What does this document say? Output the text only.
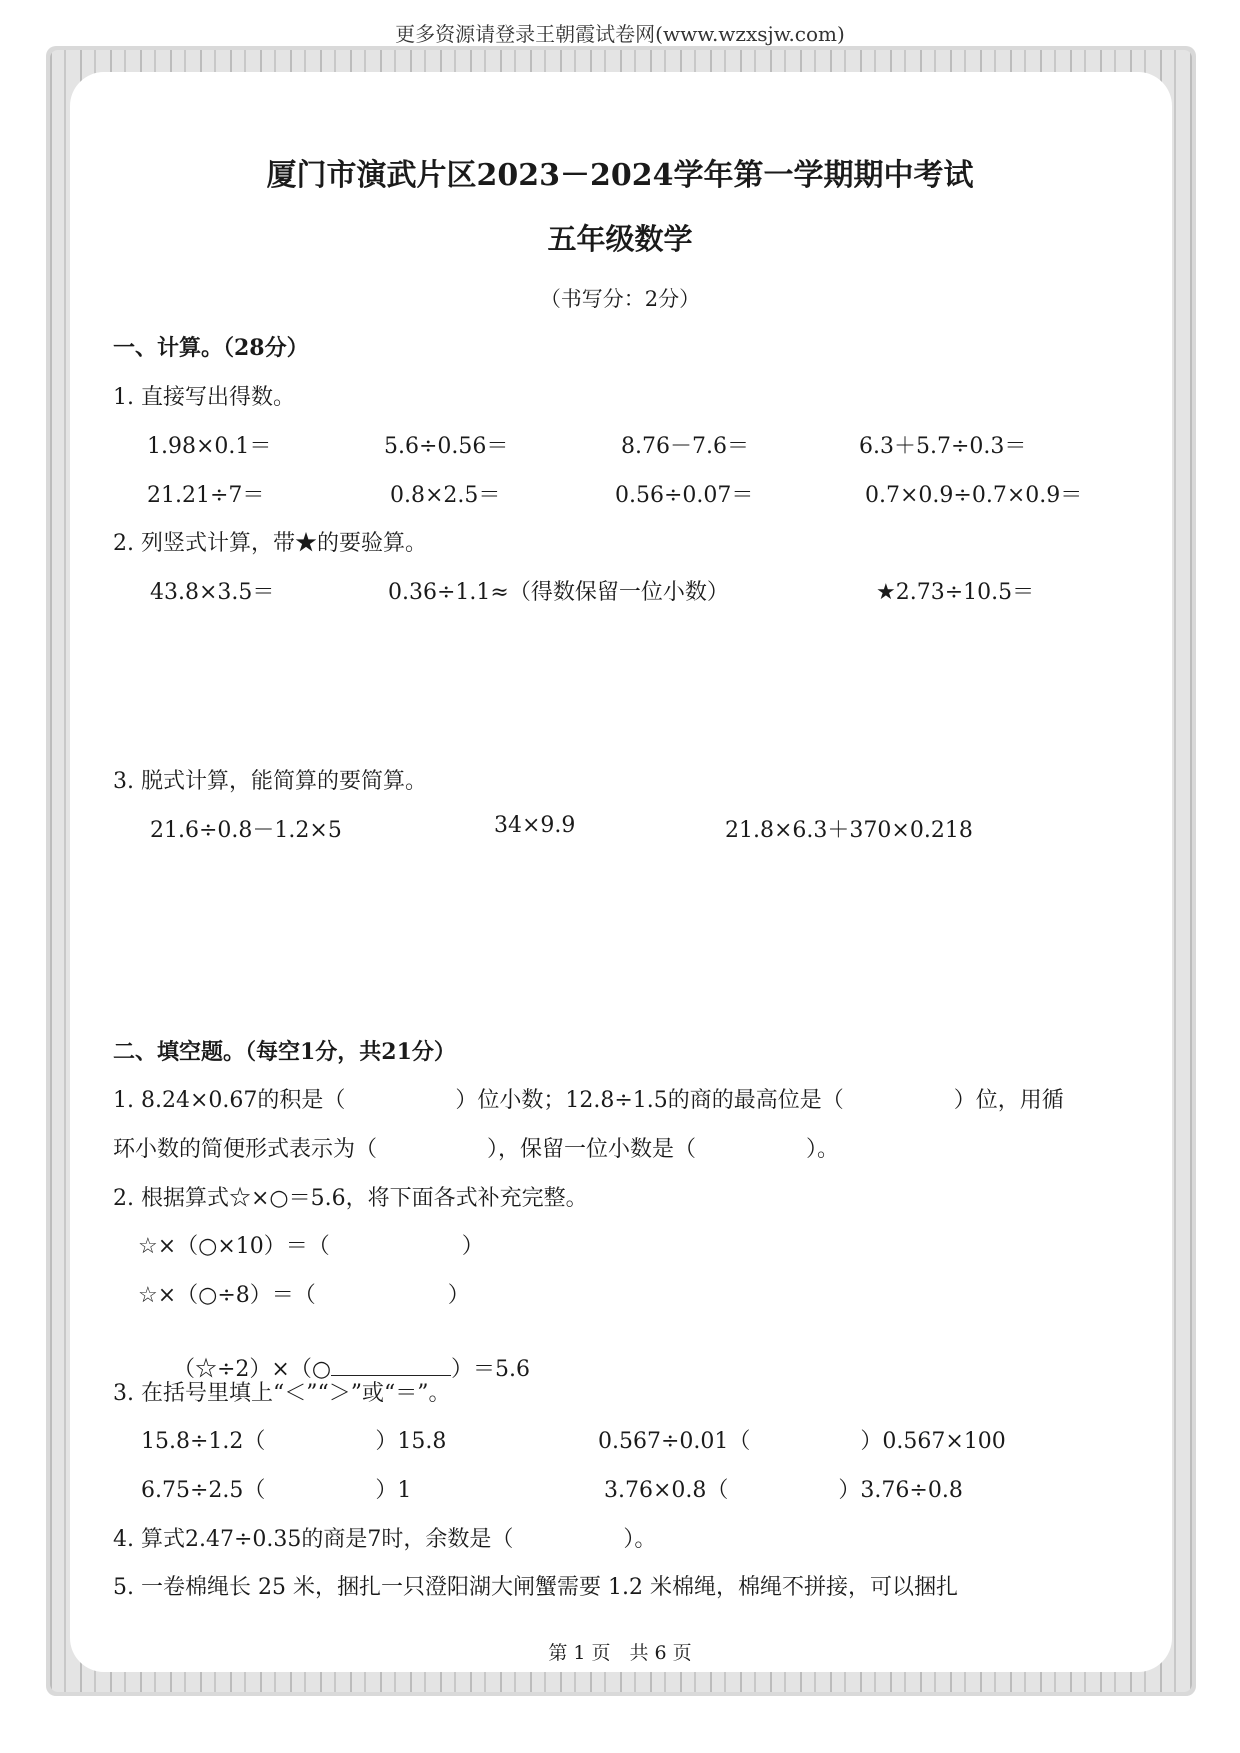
更多资源请登录王朝霞试卷网(www.wzxsjw.com)
厦门市演武片区2023－2024学年第一学期期中考试
五年级数学
（书写分：2分）
一、计算。（28分）
1. 直接写出得数。
1.98×0.1＝	5.6÷0.56＝	8.76－7.6＝	6.3＋5.7÷0.3＝
21.21÷7＝	0.8×2.5＝	0.56÷0.07＝	0.7×0.9÷0.7×0.9＝
2. 列竖式计算，带★的要验算。
43.8×3.5＝	0.36÷1.1≈（得数保留一位小数）	★2.73÷10.5＝
3. 脱式计算，能简算的要简算。
21.6÷0.8－1.2×5	34×9.9	21.8×6.3＋370×0.218
二、填空题。（每空1分，共21分）
1. 8.24×0.67的积是（　　　　　）位小数；12.8÷1.5的商的最高位是（　　　　　）位，用循
环小数的简便形式表示为（　　　　　），保留一位小数是（　　　　　）。
2. 根据算式☆×○＝5.6，将下面各式补充完整。
☆×（○×10）＝（　　　　　　）
☆×（○÷8）＝（　　　　　　）

（☆÷2）×（○	）＝5.6

3. 在括号里填上“＜”“＞”或“＝”。
15.8÷1.2（　　　　　）15.8	0.567÷0.01（　　　　　）0.567×100
6.75÷2.5（　　　　　）1	3.76×0.8（　　　　　）3.76÷0.8
4. 算式2.47÷0.35的商是7时，余数是（　　　　　）。
5. 一卷棉绳长 25 米，捆扎一只澄阳湖大闸蟹需要 1.2 米棉绳，棉绳不拼接，可以捆扎
第 1 页　共 6 页
